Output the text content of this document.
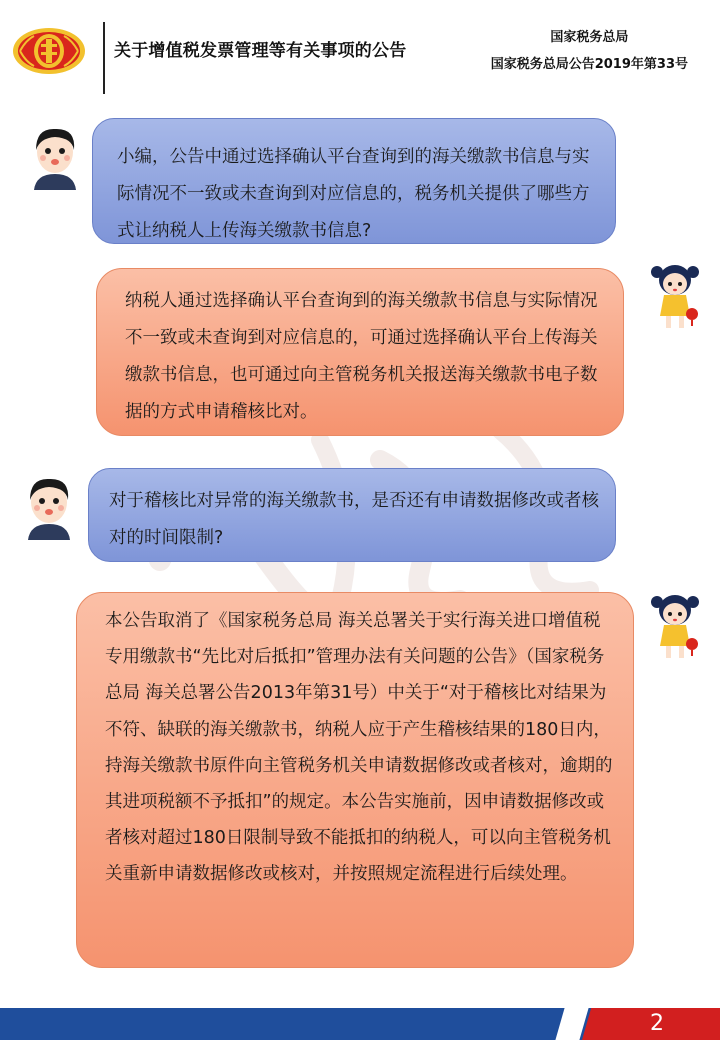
关于增值税发票管理等有关事项的公告
国家税务总局
国家税务总局公告2019年第33号
小编，公告中通过选择确认平台查询到的海关缴款书信息与实际情况不一致或未查询到对应信息的，税务机关提供了哪些方式让纳税人上传海关缴款书信息?
纳税人通过选择确认平台查询到的海关缴款书信息与实际情况不一致或未查询到对应信息的，可通过选择确认平台上传海关缴款书信息，也可通过向主管税务机关报送海关缴款书电子数据的方式申请稽核比对。
对于稽核比对异常的海关缴款书，是否还有申请数据修改或者核对的时间限制?
本公告取消了《国家税务总局 海关总署关于实行海关进口增值税专用缴款书“先比对后抵扣”管理办法有关问题的公告》（国家税务总局 海关总署公告2013年第31号）中关于“对于稽核比对结果为不符、缺联的海关缴款书，纳税人应于产生稽核结果的180日内，持海关缴款书原件向主管税务机关申请数据修改或者核对，逾期的其进项税额不予抵扣”的规定。本公告实施前，因申请数据修改或者核对超过180日限制导致不能抵扣的纳税人，可以向主管税务机关重新申请数据修改或核对，并按照规定流程进行后续处理。
2
